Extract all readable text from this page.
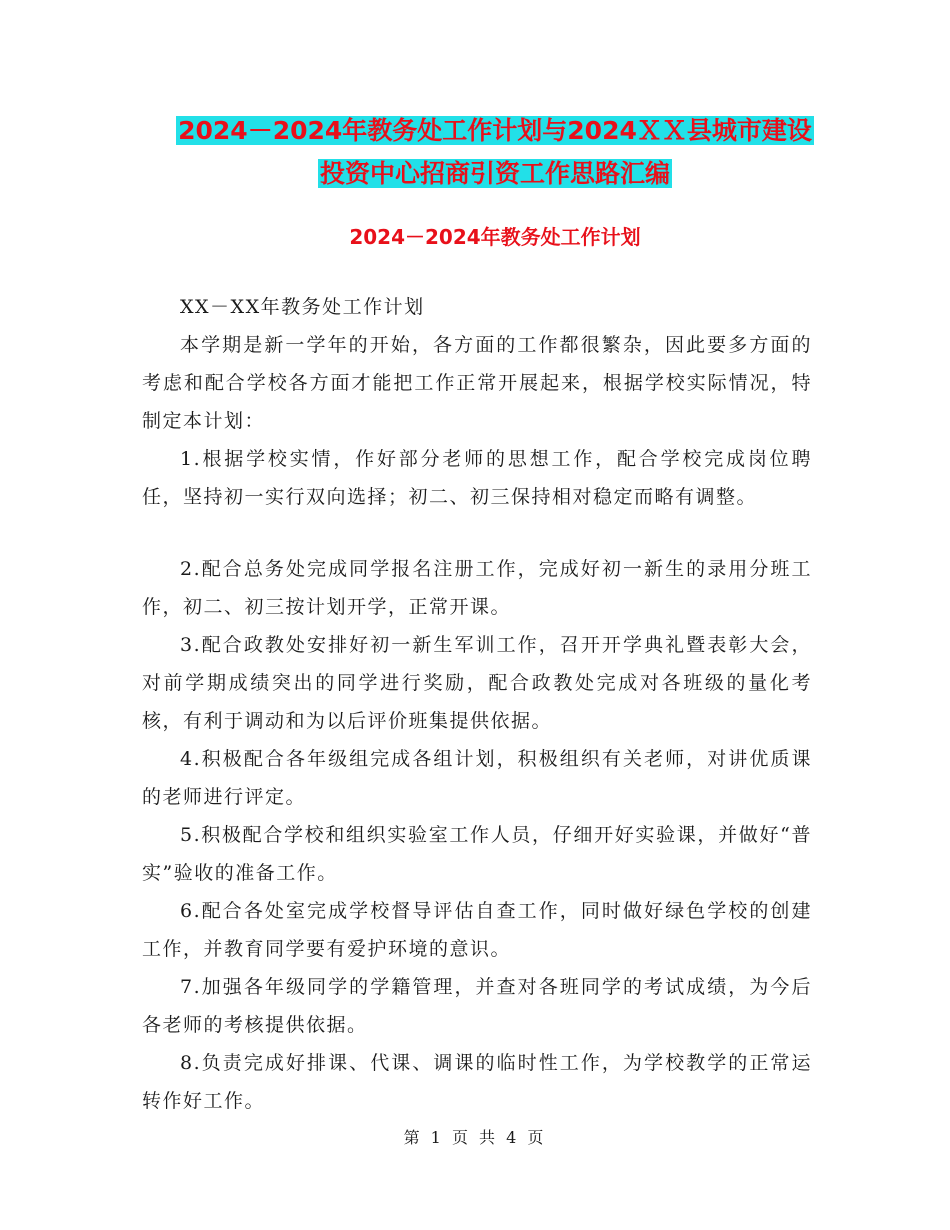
2024－2024年教务处工作计划与2024ＸＸ县城市建设
投资中心招商引资工作思路汇编
2024－2024年教务处工作计划

XX－XX年教务处工作计划

本学期是新一学年的开始，各方面的工作都很繁杂，因此要多方面的考虑和配合学校各方面才能把工作正常开展起来，根据学校实际情况，特制定本计划：

1.根据学校实情，作好部分老师的思想工作，配合学校完成岗位聘任，坚持初一实行双向选择；初二、初三保持相对稳定而略有调整。

2.配合总务处完成同学报名注册工作，完成好初一新生的录用分班工作，初二、初三按计划开学，正常开课。

3.配合政教处安排好初一新生军训工作，召开开学典礼暨表彰大会，对前学期成绩突出的同学进行奖励，配合政教处完成对各班级的量化考核，有利于调动和为以后评价班集提供依据。

4.积极配合各年级组完成各组计划，积极组织有关老师，对讲优质课的老师进行评定。

5.积极配合学校和组织实验室工作人员，仔细开好实验课，并做好“普实”验收的准备工作。

6.配合各处室完成学校督导评估自查工作，同时做好绿色学校的创建工作，并教育同学要有爱护环境的意识。

7.加强各年级同学的学籍管理，并查对各班同学的考试成绩，为今后各老师的考核提供依据。

8.负责完成好排课、代课、调课的临时性工作，为学校教学的正常运转作好工作。

第 1 页 共 4 页
